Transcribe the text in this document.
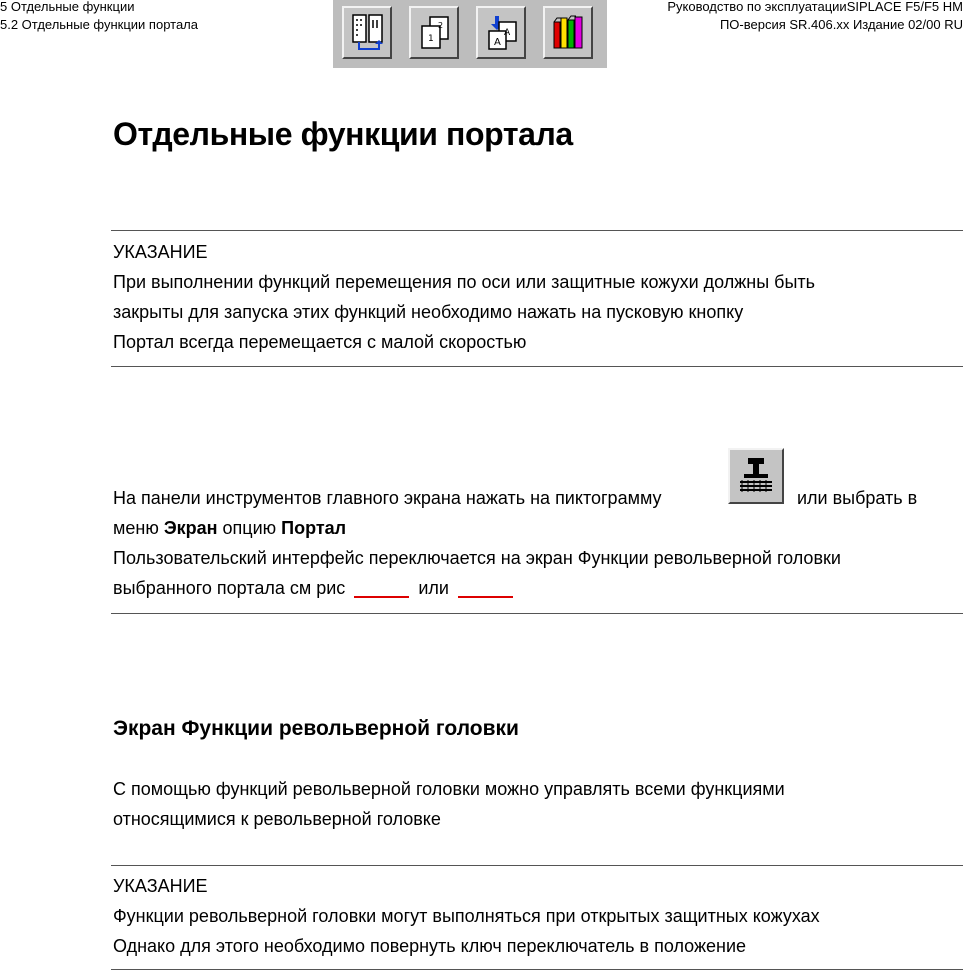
5 Отдельные функции
5.2 Отдельные функции портала
Руководство по эксплуатацииSIPLACE F5/F5 HM
ПО-версия SR.406.xx Издание 02/00 RU
2
1
A
A
Отдельные функции портала
УКАЗАНИЕ
При выполнении функций перемещения по оси или защитные кожухи должны быть
закрыты для запуска этих функций необходимо нажать на пусковую кнопку
Портал всегда перемещается с малой скоростью
На панели инструментов главного экрана нажать на пиктограмму	или выбрать в
меню Экран опцию Портал
Пользовательский интерфейс переключается на экран Функции револьверной головки
выбранного портала см рис	или
Экран Функции револьверной головки
С помощью функций револьверной головки можно управлять всеми функциями
относящимися к револьверной головке
УКАЗАНИЕ
Функции револьверной головки могут выполняться при открытых защитных кожухах
Однако для этого необходимо повернуть ключ переключатель в положение
